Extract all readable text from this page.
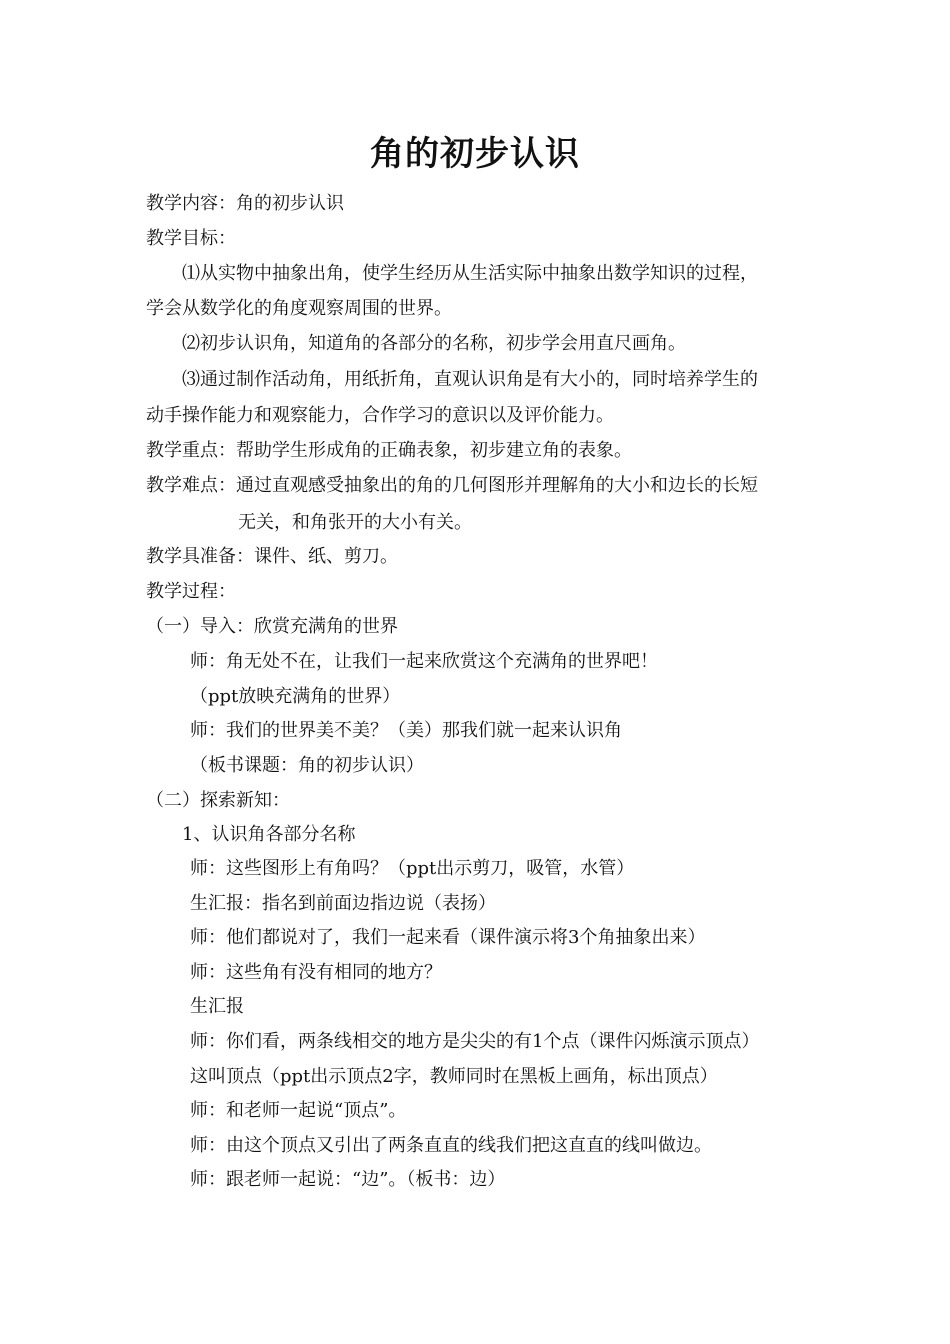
角的初步认识
教学内容：角的初步认识
教学目标：
⑴从实物中抽象出角，使学生经历从生活实际中抽象出数学知识的过程，
学会从数学化的角度观察周围的世界。
⑵初步认识角，知道角的各部分的名称，初步学会用直尺画角。
⑶通过制作活动角，用纸折角，直观认识角是有大小的，同时培养学生的
动手操作能力和观察能力，合作学习的意识以及评价能力。
教学重点：帮助学生形成角的正确表象，初步建立角的表象。
教学难点：通过直观感受抽象出的角的几何图形并理解角的大小和边长的长短
无关，和角张开的大小有关。
教学具准备：课件、纸、剪刀。
教学过程：
（一）导入：欣赏充满角的世界
师：角无处不在，让我们一起来欣赏这个充满角的世界吧！
（ppt放映充满角的世界）
师：我们的世界美不美？（美）那我们就一起来认识角
（板书课题：角的初步认识）
（二）探索新知：
1、认识角各部分名称
师：这些图形上有角吗？（ppt出示剪刀，吸管，水管）
生汇报：指名到前面边指边说（表扬）
师：他们都说对了，我们一起来看（课件演示将3个角抽象出来）
师：这些角有没有相同的地方？
生汇报
师：你们看，两条线相交的地方是尖尖的有1个点（课件闪烁演示顶点）
这叫顶点（ppt出示顶点2字，教师同时在黑板上画角，标出顶点）
师：和老师一起说“顶点”。
师：由这个顶点又引出了两条直直的线我们把这直直的线叫做边。
师：跟老师一起说：“边”。（板书：边）
